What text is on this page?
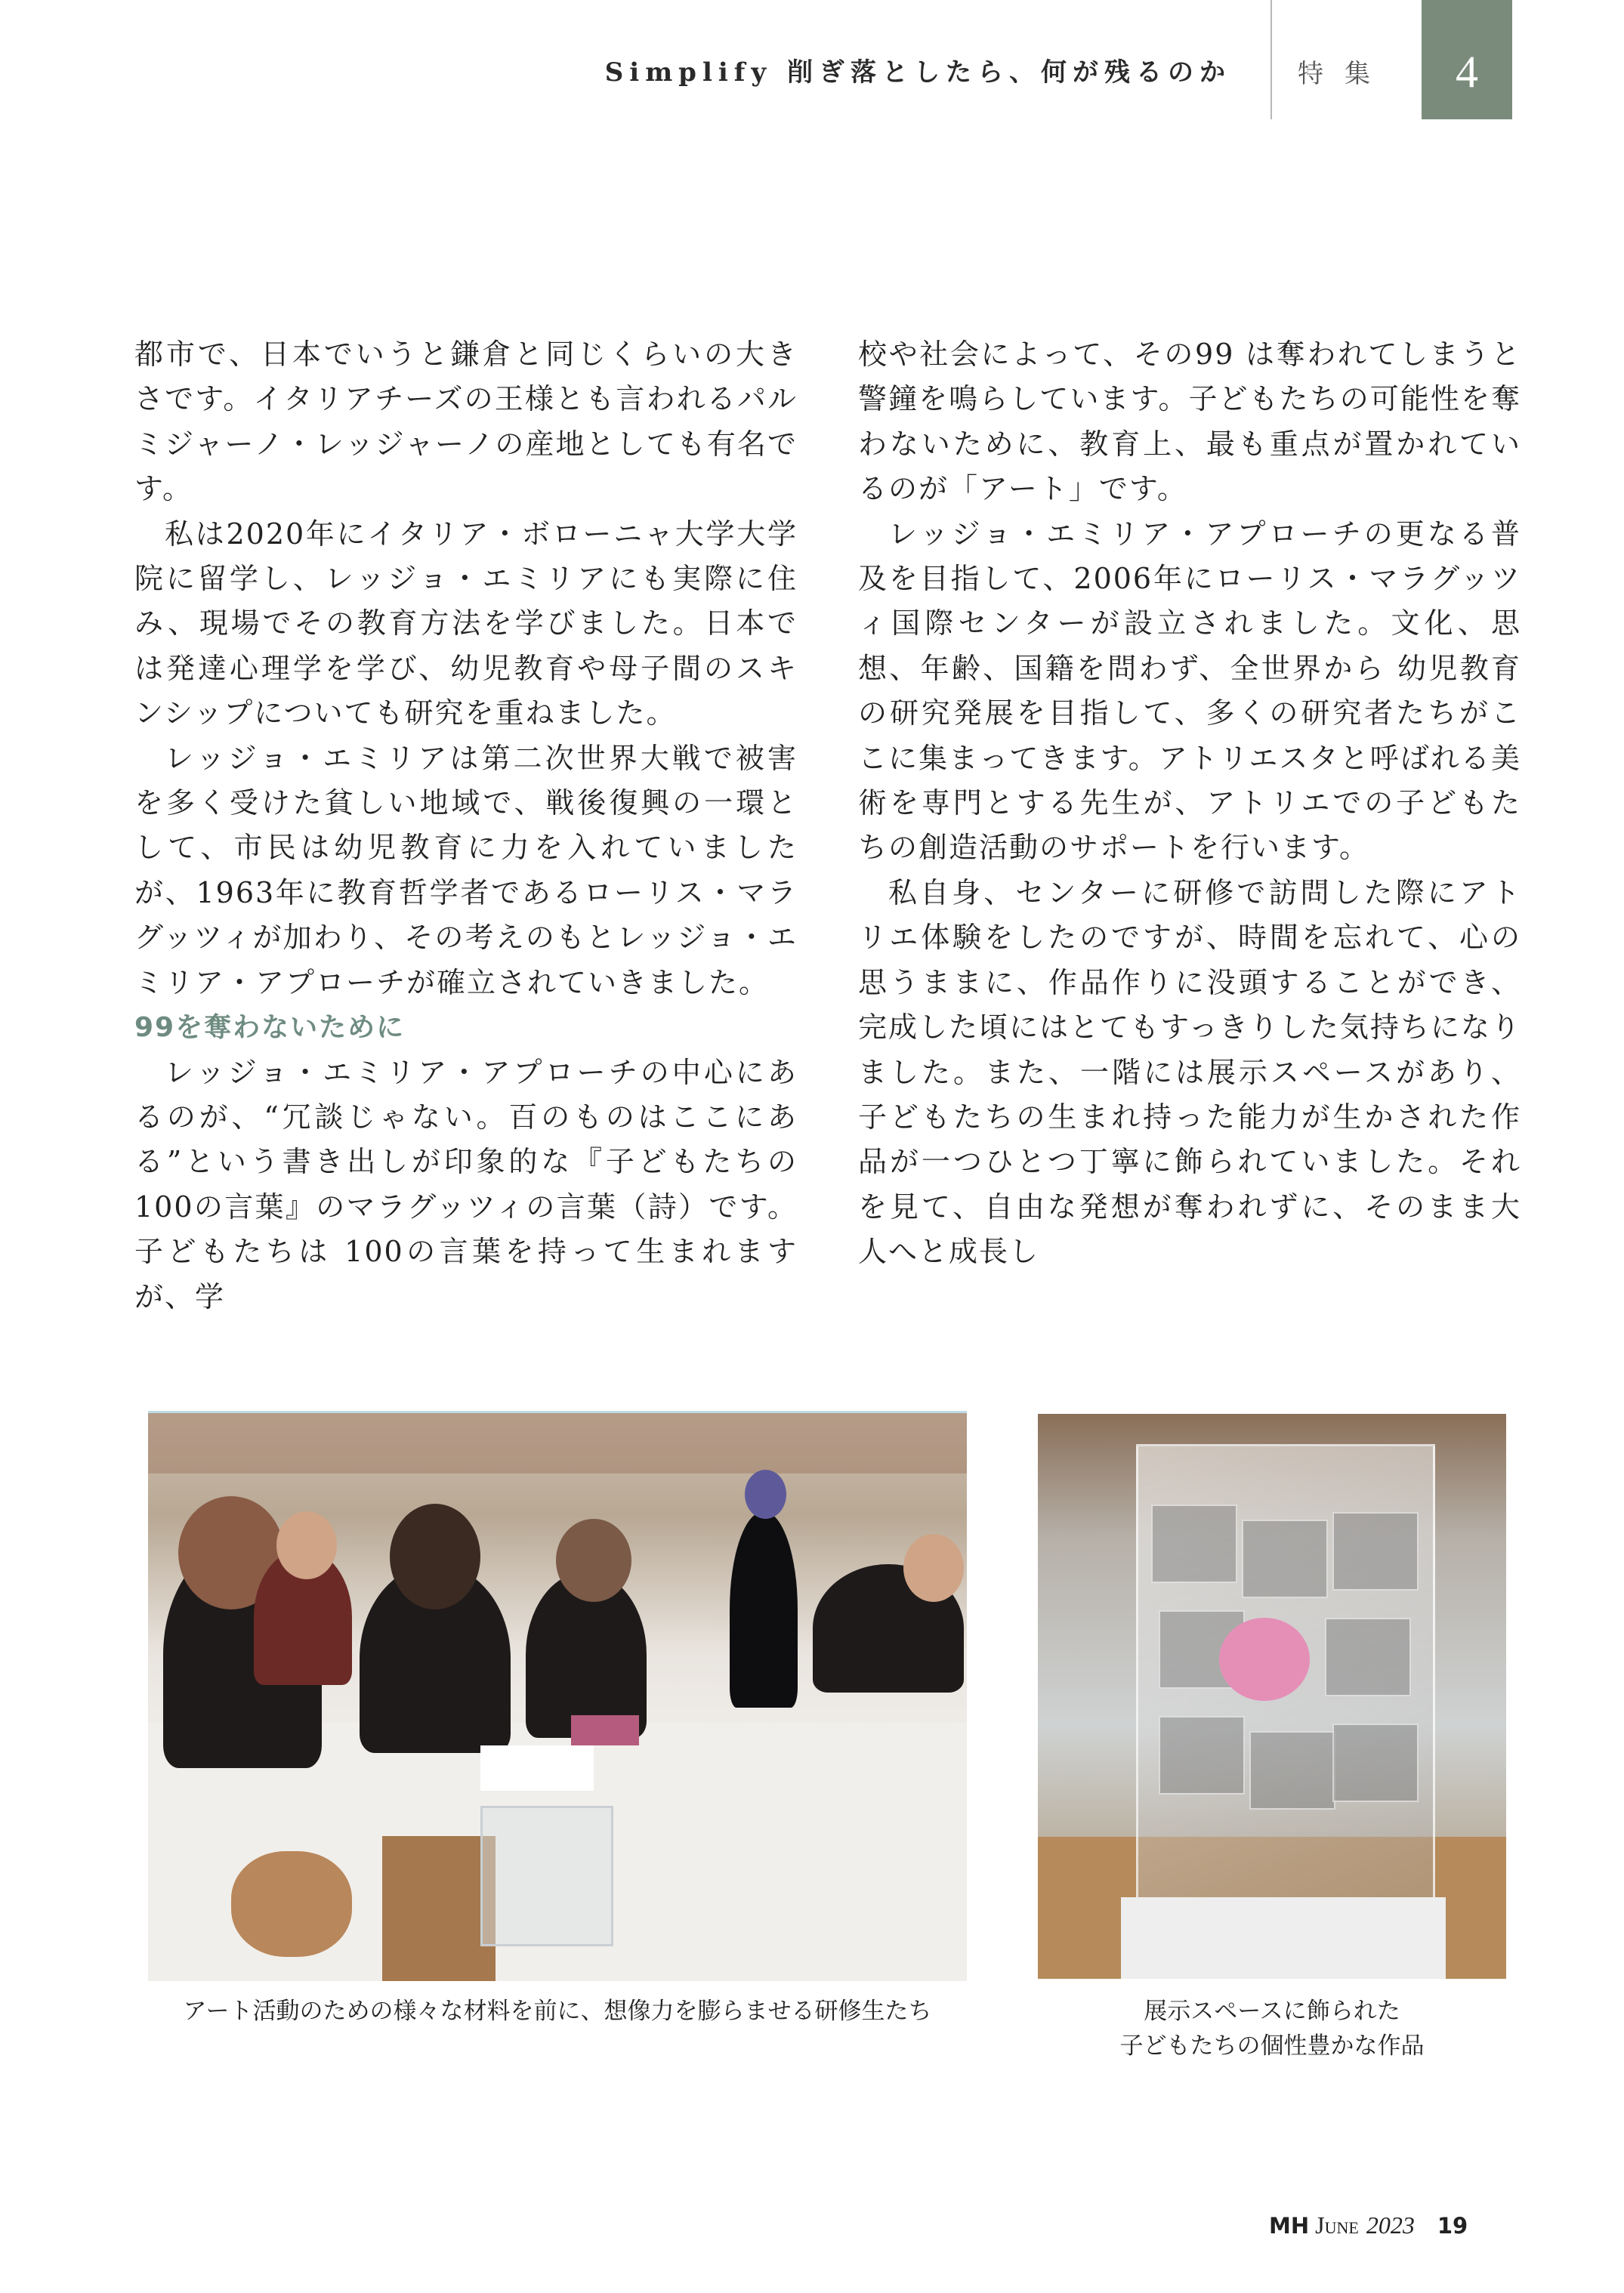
Simplify 削ぎ落としたら、何が残るのか	特集	4

都市で、日本でいうと鎌倉と同じくらいの大きさです。イタリアチーズの王様とも言われるパルミジャーノ・レッジャーノの産地としても有名です。

私は2020年にイタリア・ボローニャ大学大学院に留学し、レッジョ・エミリアにも実際に住み、現場でその教育方法を学びました。日本では発達心理学を学び、幼児教育や母子間のスキンシップについても研究を重ねました。

レッジョ・エミリアは第二次世界大戦で被害を多く受けた貧しい地域で、戦後復興の一環として、市民は幼児教育に力を入れていましたが、1963年に教育哲学者であるローリス・マラグッツィが加わり、その考えのもとレッジョ・エミリア・アプローチが確立されていきました。

99を奪わないために

レッジョ・エミリア・アプローチの中心にあるのが、“冗談じゃない。百のものはここにある”という書き出しが印象的な『子どもたちの 100の言葉』のマラグッツィの言葉（詩）です。子どもたちは 100の言葉を持って生まれますが、学

校や社会によって、その99 は奪われてしまうと警鐘を鳴らしています。子どもたちの可能性を奪わないために、教育上、最も重点が置かれているのが「アート」です。

レッジョ・エミリア・アプローチの更なる普及を目指して、2006年にローリス・マラグッツィ国際センターが設立されました。文化、思想、年齢、国籍を問わず、全世界から 幼児教育の研究発展を目指して、多くの研究者たちがここに集まってきます。アトリエスタと呼ばれる美術を専門とする先生が、アトリエでの子どもたちの創造活動のサポートを行います。

私自身、センターに研修で訪問した際にアトリエ体験をしたのですが、時間を忘れて、心の思うままに、作品作りに没頭することができ、完成した頃にはとてもすっきりした気持ちになりました。また、一階には展示スペースがあり、子どもたちの生まれ持った能力が生かされた作品が一つひとつ丁寧に飾られていました。それを見て、自由な発想が奪われずに、そのまま大人へと成長し

アート活動のための様々な材料を前に、想像力を膨らませる研修生たち	展示スペースに飾られた
子どもたちの個性豊かな作品
MH June 2023 19
